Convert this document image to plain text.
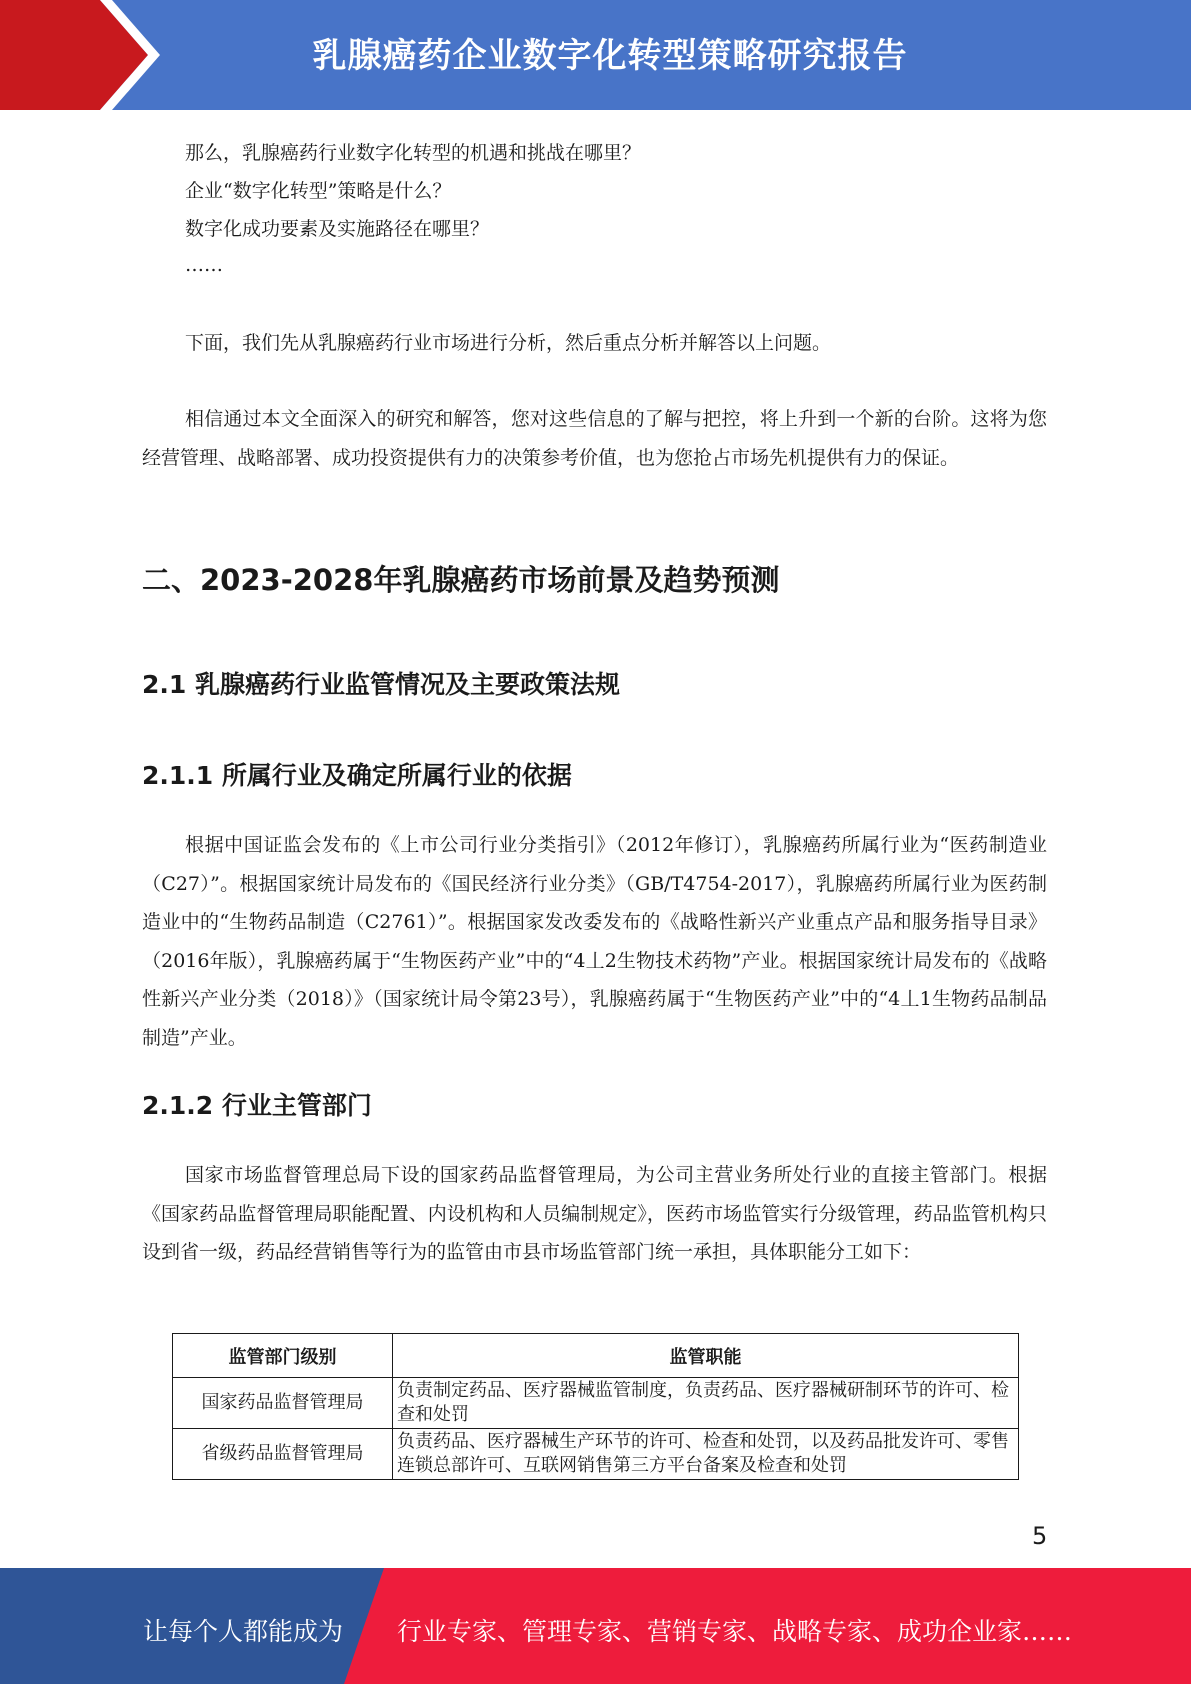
乳腺癌药企业数字化转型策略研究报告
那么，乳腺癌药行业数字化转型的机遇和挑战在哪里？
企业“数字化转型”策略是什么？
数字化成功要素及实施路径在哪里？
……
下面，我们先从乳腺癌药行业市场进行分析，然后重点分析并解答以上问题。
相信通过本文全面深入的研究和解答，您对这些信息的了解与把控，将上升到一个新的台阶。这将为您经营管理、战略部署、成功投资提供有力的决策参考价值，也为您抢占市场先机提供有力的保证。
二、2023-2028年乳腺癌药市场前景及趋势预测
2.1 乳腺癌药行业监管情况及主要政策法规
2.1.1 所属行业及确定所属行业的依据
根据中国证监会发布的《上市公司行业分类指引》（2012年修订），乳腺癌药所属行业为“医药制造业（C27）”。根据国家统计局发布的《国民经济行业分类》（GB/T4754-2017），乳腺癌药所属行业为医药制造业中的“生物药品制造（C2761）”。根据国家发改委发布的《战略性新兴产业重点产品和服务指导目录》（2016年版），乳腺癌药属于“生物医药产业”中的“4丄2生物技术药物”产业。根据国家统计局发布的《战略性新兴产业分类（2018）》（国家统计局令第23号），乳腺癌药属于“生物医药产业”中的“4丄1生物药品制品制造”产业。
2.1.2 行业主管部门
国家市场监督管理总局下设的国家药品监督管理局，为公司主营业务所处行业的直接主管部门。根据《国家药品监督管理局职能配置、内设机构和人员编制规定》，医药市场监管实行分级管理，药品监管机构只设到省一级，药品经营销售等行为的监管由市县市场监管部门统一承担，具体职能分工如下：
监管部门级别	监管职能
国家药品监督管理局	负责制定药品、医疗器械监管制度，负责药品、医疗器械研制环节的许可、检查和处罚
省级药品监督管理局	负责药品、医疗器械生产环节的许可、检查和处罚，以及药品批发许可、零售连锁总部许可、互联网销售第三方平台备案及检查和处罚
5
让每个人都能成为 行业专家、管理专家、营销专家、战略专家、成功企业家……
